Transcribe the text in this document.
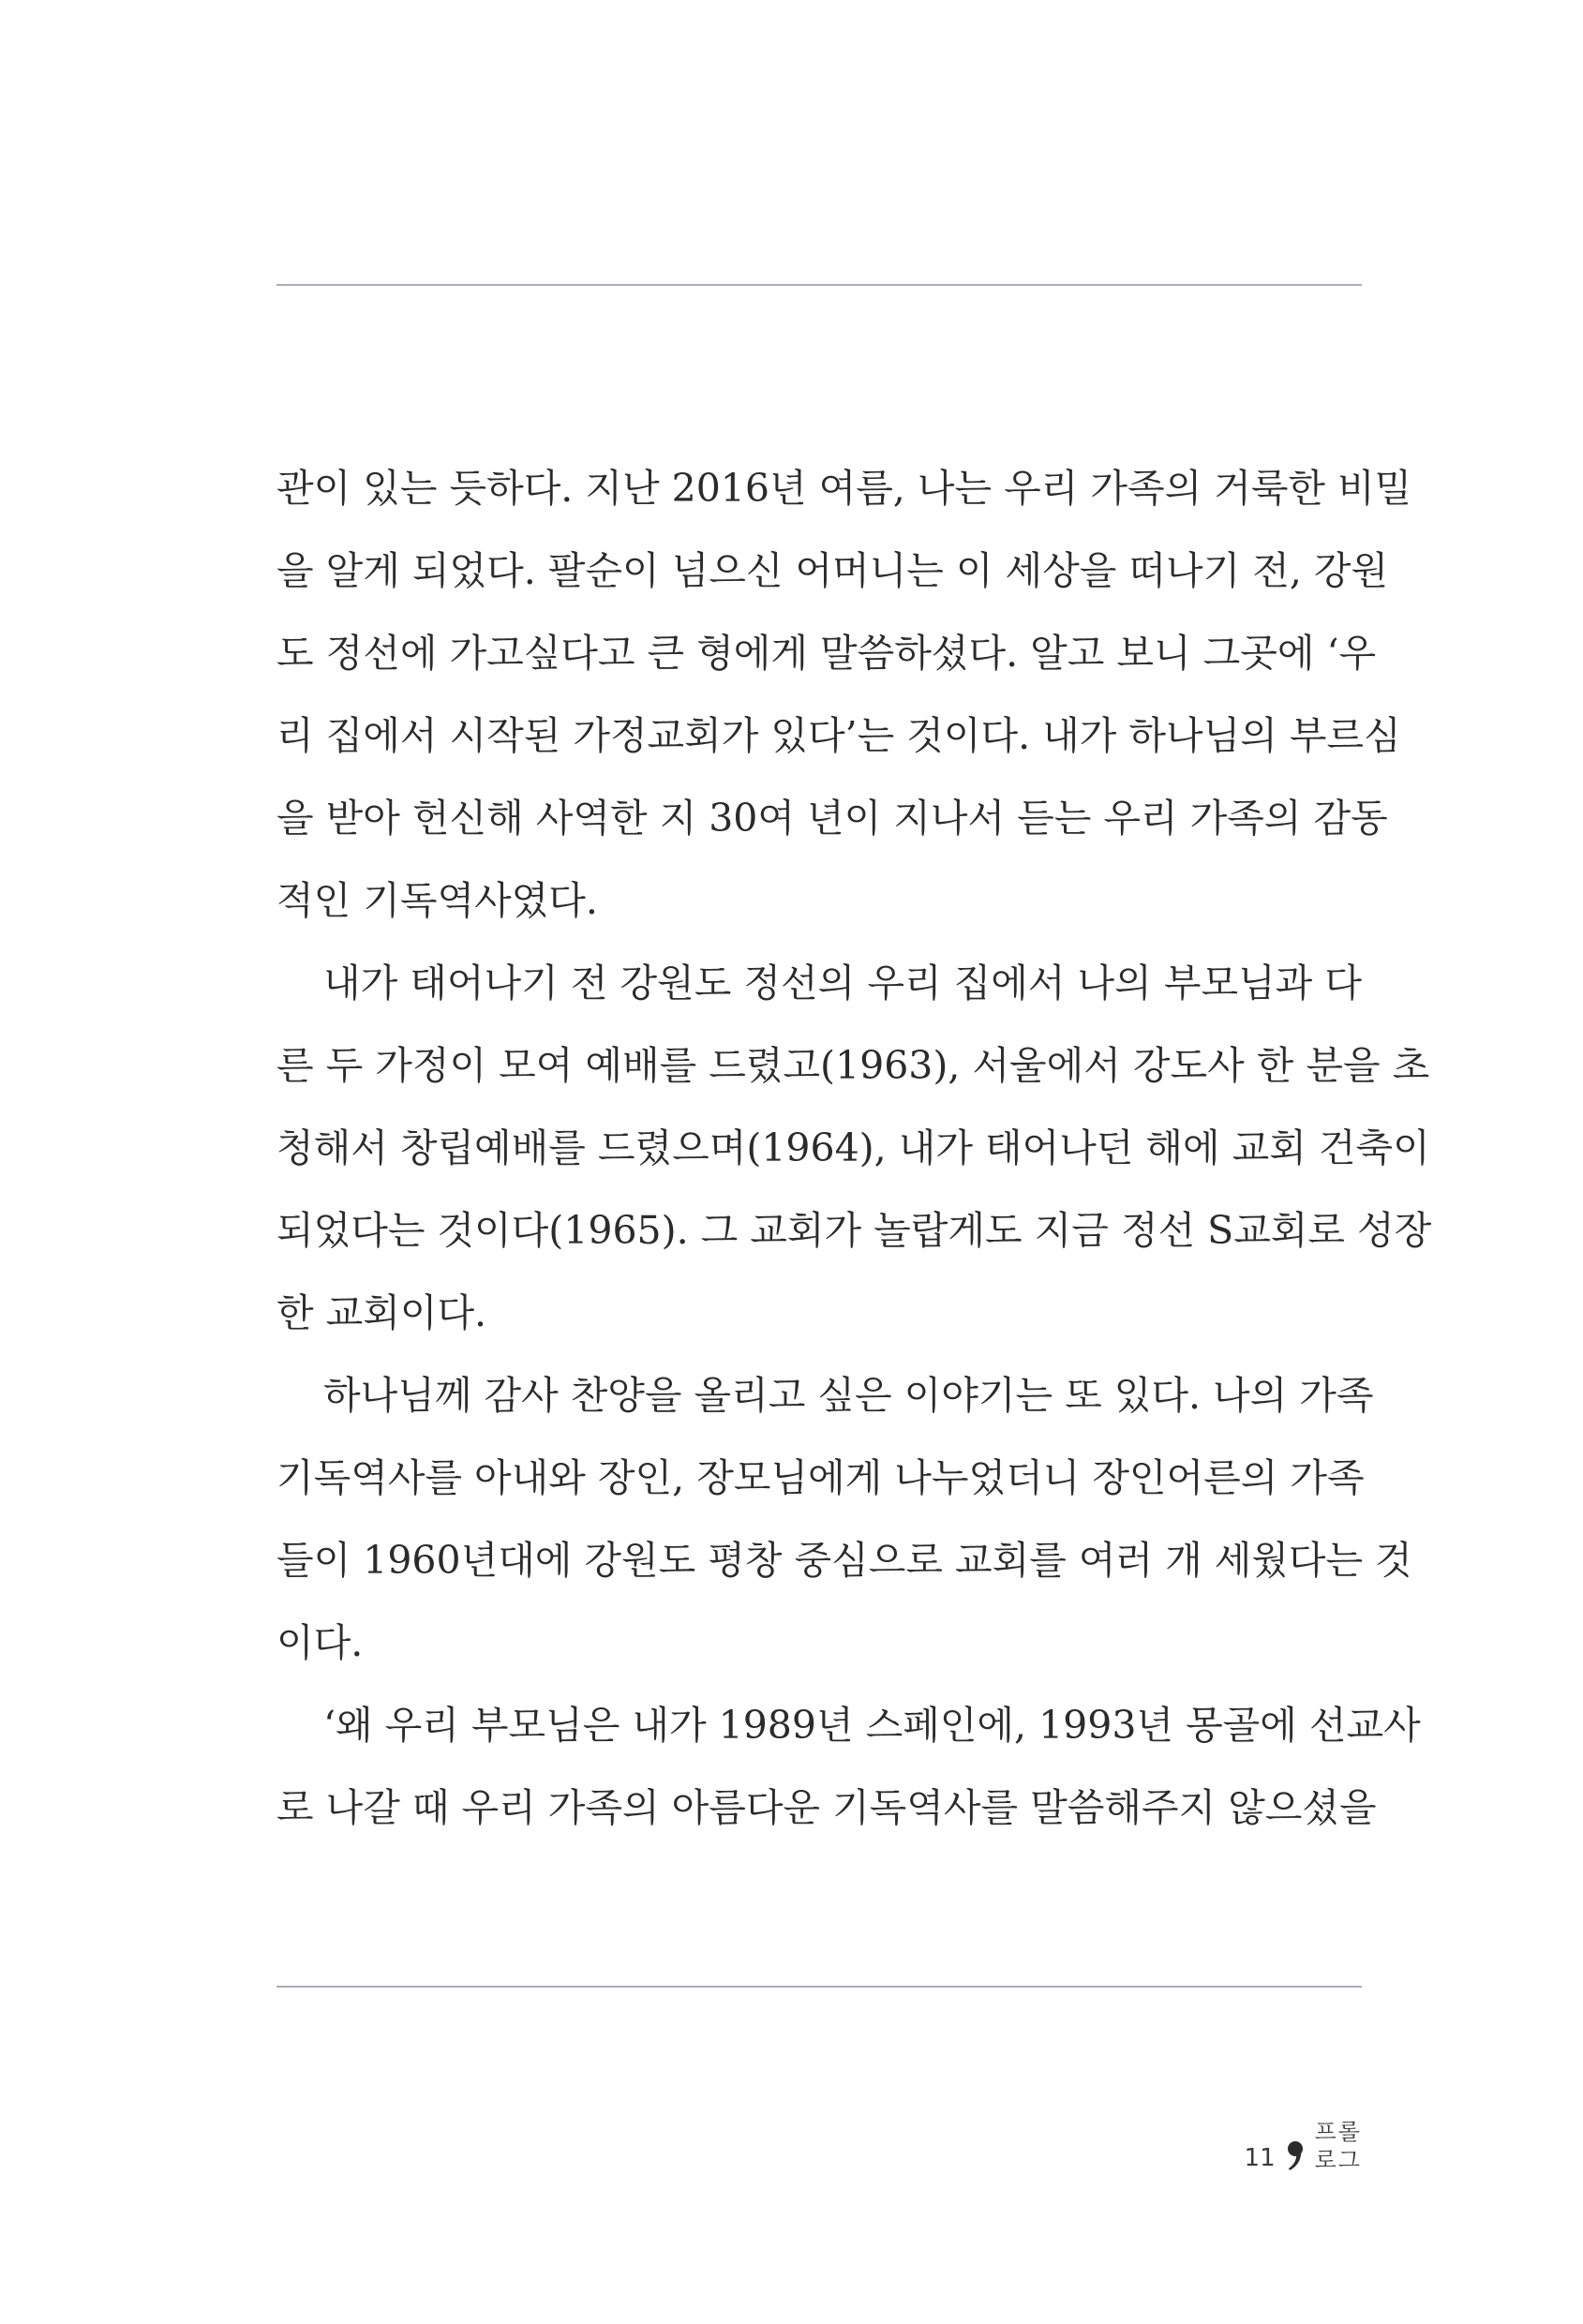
관이 있는 듯하다. 지난 2016년 여름, 나는 우리 가족의 거룩한 비밀
을 알게 되었다. 팔순이 넘으신 어머니는 이 세상을 떠나기 전, 강원
도 정선에 가고싶다고 큰 형에게 말씀하셨다. 알고 보니 그곳에 ‘우
리 집에서 시작된 가정교회가 있다’는 것이다. 내가 하나님의 부르심
을 받아 헌신해 사역한 지 30여 년이 지나서 듣는 우리 가족의 감동
적인 기독역사였다.
내가 태어나기 전 강원도 정선의 우리 집에서 나의 부모님과 다
른 두 가정이 모여 예배를 드렸고(1963), 서울에서 강도사 한 분을 초
청해서 창립예배를 드렸으며(1964), 내가 태어나던 해에 교회 건축이
되었다는 것이다(1965). 그 교회가 놀랍게도 지금 정선 S교회로 성장
한 교회이다.
하나님께 감사 찬양을 올리고 싶은 이야기는 또 있다. 나의 가족
기독역사를 아내와 장인, 장모님에게 나누었더니 장인어른의 가족
들이 1960년대에 강원도 평창 중심으로 교회를 여러 개 세웠다는 것
이다.
‘왜 우리 부모님은 내가 1989년 스페인에, 1993년 몽골에 선교사
로 나갈 때 우리 가족의 아름다운 기독역사를 말씀해주지 않으셨을
11
프롤
로그
